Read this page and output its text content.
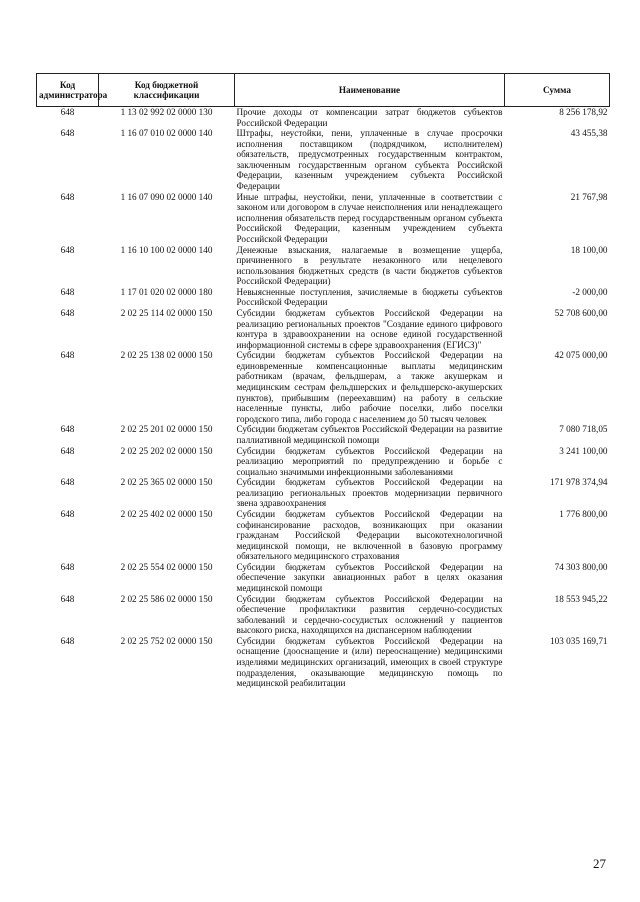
Код администратора	Код бюджетной классификации	Наименование	Сумма
648	1 13 02 992 02 0000 130	Прочие доходы от компенсации затрат бюджетов субъектов Российской Федерации	8 256 178,92
648	1 16 07 010 02 0000 140	Штрафы, неустойки, пени, уплаченные в случае просрочки исполнения поставщиком (подрядчиком, исполнителем) обязательств, предусмотренных государственным контрактом, заключенным государственным органом субъекта Российской Федерации, казенным учреждением субъекта Российской Федерации	43 455,38
648	1 16 07 090 02 0000 140	Иные штрафы, неустойки, пени, уплаченные в соответствии с законом или договором в случае неисполнения или ненадлежащего исполнения обязательств перед государственным органом субъекта Российской Федерации, казенным учреждением субъекта Российской Федерации	21 767,98
648	1 16 10 100 02 0000 140	Денежные взыскания, налагаемые в возмещение ущерба, причиненного в результате незаконного или нецелевого использования бюджетных средств (в части бюджетов субъектов Российской Федерации)	18 100,00
648	1 17 01 020 02 0000 180	Невыясненные поступления, зачисляемые в бюджеты субъектов Российской Федерации	-2 000,00
648	2 02 25 114 02 0000 150	Субсидии бюджетам субъектов Российской Федерации на реализацию региональных проектов "Создание единого цифрового контура в здравоохранении на основе единой государственной информационной системы в сфере здравоохранения (ЕГИСЗ)"	52 708 600,00
648	2 02 25 138 02 0000 150	Субсидии бюджетам субъектов Российской Федерации на единовременные компенсационные выплаты медицинским работникам (врачам, фельдшерам, а также акушеркам и медицинским сестрам фельдшерских и фельдшерско-акушерских пунктов), прибывшим (переехавшим) на работу в сельские населенные пункты, либо рабочие поселки, либо поселки городского типа, либо города с населением до 50 тысяч человек	42 075 000,00
648	2 02 25 201 02 0000 150	Субсидии бюджетам субъектов Российской Федерации на развитие паллиативной медицинской помощи	7 080 718,05
648	2 02 25 202 02 0000 150	Субсидии бюджетам субъектов Российской Федерации на реализацию мероприятий по предупреждению и борьбе с социально значимыми инфекционными заболеваниями	3 241 100,00
648	2 02 25 365 02 0000 150	Субсидии бюджетам субъектов Российской Федерации на реализацию региональных проектов модернизации первичного звена здравоохранения	171 978 374,94
648	2 02 25 402 02 0000 150	Субсидии бюджетам субъектов Российской Федерации на софинансирование расходов, возникающих при оказании гражданам Российской Федерации высокотехнологичной медицинской помощи, не включенной в базовую программу обязательного медицинского страхования	1 776 800,00
648	2 02 25 554 02 0000 150	Субсидии бюджетам субъектов Российской Федерации на обеспечение закупки авиационных работ в целях оказания медицинской помощи	74 303 800,00
648	2 02 25 586 02 0000 150	Субсидии бюджетам субъектов Российской Федерации на обеспечение профилактики развития сердечно-сосудистых заболеваний и сердечно-сосудистых осложнений у пациентов высокого риска, находящихся на диспансерном наблюдении	18 553 945,22
648	2 02 25 752 02 0000 150	Субсидии бюджетам субъектов Российской Федерации на оснащение (дооснащение и (или) переоснащение) медицинскими изделиями медицинских организаций, имеющих в своей структуре подразделения, оказывающие медицинскую помощь по медицинской реабилитации	103 035 169,71
27
